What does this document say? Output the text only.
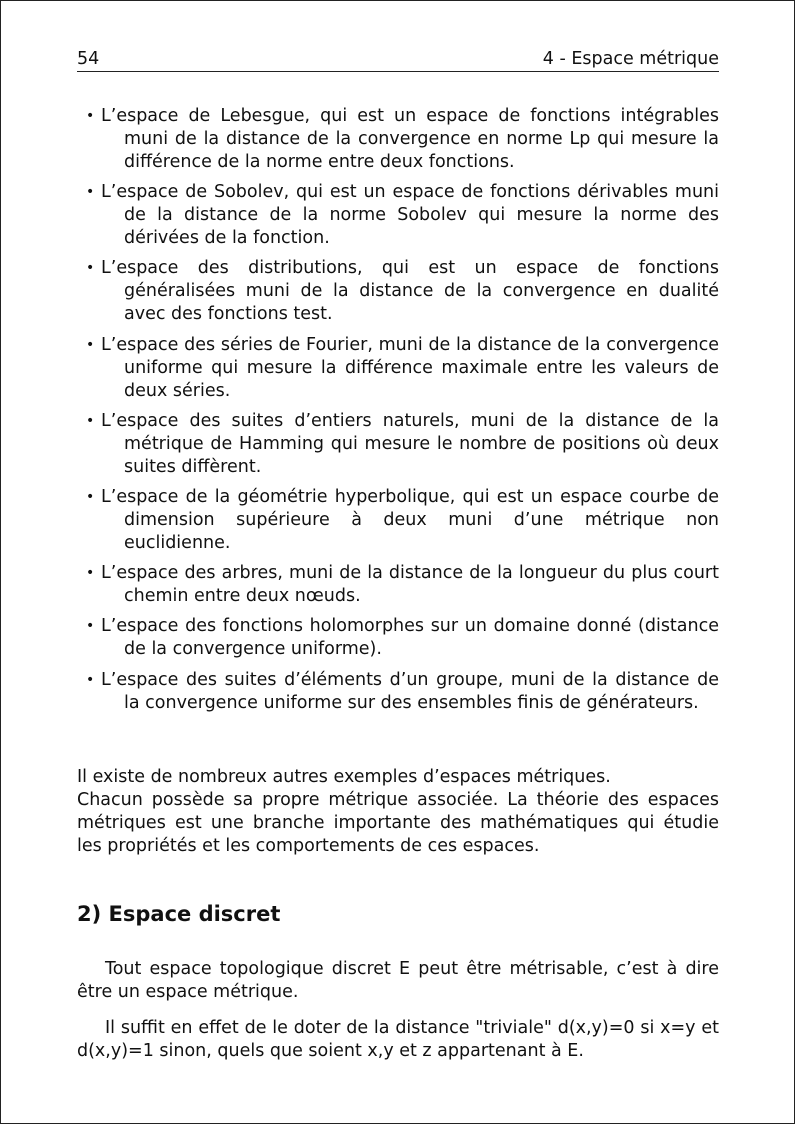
54	4 - Espace métrique
• L’espace de Lebesgue, qui est un espace de fonctions intégrables muni de la distance de la convergence en norme Lp qui mesure la différence de la norme entre deux fonctions.
• L’espace de Sobolev, qui est un espace de fonctions dérivables muni de la distance de la norme Sobolev qui mesure la norme des dérivées de la fonction.
• L’espace des distributions, qui est un espace de fonctions généralisées muni de la distance de la convergence en dualité avec des fonctions test.
• L’espace des séries de Fourier, muni de la distance de la convergence uniforme qui mesure la différence maximale entre les valeurs de deux séries.
• L’espace des suites d’entiers naturels, muni de la distance de la métrique de Hamming qui mesure le nombre de positions où deux suites diffèrent.
• L’espace de la géométrie hyperbolique, qui est un espace courbe de dimension supérieure à deux muni d’une métrique non euclidienne.
• L’espace des arbres, muni de la distance de la longueur du plus court chemin entre deux nœuds.
• L’espace des fonctions holomorphes sur un domaine donné (distance de la convergence uniforme).
• L’espace des suites d’éléments d’un groupe, muni de la distance de la convergence uniforme sur des ensembles finis de générateurs.

Il existe de nombreux autres exemples d’espaces métriques.
Chacun possède sa propre métrique associée. La théorie des espaces métriques est une branche importante des mathématiques qui étudie les propriétés et les comportements de ces espaces.

2) Espace discret

Tout espace topologique discret E peut être métrisable, c’est à dire être un espace métrique.

Il suffit en effet de le doter de la distance "triviale" d(x,y)=0 si x=y et d(x,y)=1 sinon, quels que soient x,y et z appartenant à E.
